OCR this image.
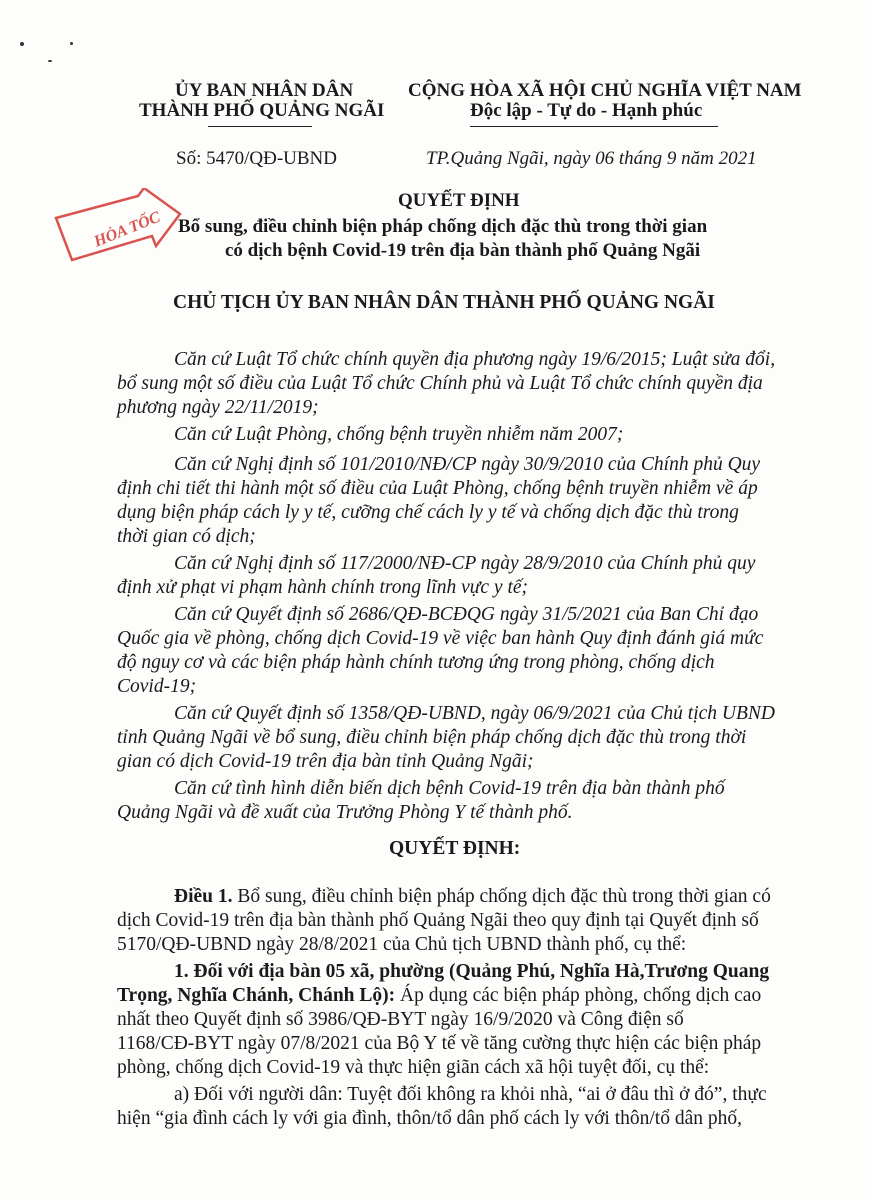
ỦY BAN NHÂN DÂN
THÀNH PHỐ QUẢNG NGÃI
CỘNG HÒA XÃ HỘI CHỦ NGHĨA VIỆT NAM
Độc lập - Tự do - Hạnh phúc
Số: 5470/QĐ-UBND	TP.Quảng Ngãi, ngày 06 tháng 9 năm 2021
HỎA TỐC
QUYẾT ĐỊNH
Bổ sung, điều chỉnh biện pháp chống dịch đặc thù trong thời gian
có dịch bệnh Covid-19 trên địa bàn thành phố Quảng Ngãi
CHỦ TỊCH ỦY BAN NHÂN DÂN THÀNH PHỐ QUẢNG NGÃI
Căn cứ Luật Tổ chức chính quyền địa phương ngày 19/6/2015; Luật sửa đổi,
bổ sung một số điều của Luật Tổ chức Chính phủ và Luật Tổ chức chính quyền địa
phương ngày 22/11/2019;
Căn cứ Luật Phòng, chống bệnh truyền nhiễm năm 2007;
Căn cứ Nghị định số 101/2010/NĐ/CP ngày 30/9/2010 của Chính phủ Quy
định chi tiết thi hành một số điều của Luật Phòng, chống bệnh truyền nhiễm về áp
dụng biện pháp cách ly y tế, cưỡng chế cách ly y tế và chống dịch đặc thù trong
thời gian có dịch;
Căn cứ Nghị định số 117/2000/NĐ-CP ngày 28/9/2010 của Chính phủ quy
định xử phạt vi phạm hành chính trong lĩnh vực y tế;
Căn cứ Quyết định số 2686/QĐ-BCĐQG ngày 31/5/2021 của Ban Chỉ đạo
Quốc gia về phòng, chống dịch Covid-19 về việc ban hành Quy định đánh giá mức
độ nguy cơ và các biện pháp hành chính tương ứng trong phòng, chống dịch
Covid-19;
Căn cứ Quyết định số 1358/QĐ-UBND, ngày 06/9/2021 của Chủ tịch UBND
tỉnh Quảng Ngãi về bổ sung, điều chỉnh biện pháp chống dịch đặc thù trong thời
gian có dịch Covid-19 trên địa bàn tỉnh Quảng Ngãi;
Căn cứ tình hình diễn biến dịch bệnh Covid-19 trên địa bàn thành phố
Quảng Ngãi và đề xuất của Trưởng Phòng Y tế thành phố.
QUYẾT ĐỊNH:
Điều 1. Bổ sung, điều chỉnh biện pháp chống dịch đặc thù trong thời gian có
dịch Covid-19 trên địa bàn thành phố Quảng Ngãi theo quy định tại Quyết định số
5170/QĐ-UBND ngày 28/8/2021 của Chủ tịch UBND thành phố, cụ thể:
1. Đối với địa bàn 05 xã, phường (Quảng Phú, Nghĩa Hà,Trương Quang
Trọng, Nghĩa Chánh, Chánh Lộ): Áp dụng các biện pháp phòng, chống dịch cao
nhất theo Quyết định số 3986/QĐ-BYT ngày 16/9/2020 và Công điện số
1168/CĐ-BYT ngày 07/8/2021 của Bộ Y tế về tăng cường thực hiện các biện pháp
phòng, chống dịch Covid-19 và thực hiện giãn cách xã hội tuyệt đối, cụ thể:
a) Đối với người dân: Tuyệt đối không ra khỏi nhà, “ai ở đâu thì ở đó”, thực
hiện “gia đình cách ly với gia đình, thôn/tổ dân phố cách ly với thôn/tổ dân phố,
